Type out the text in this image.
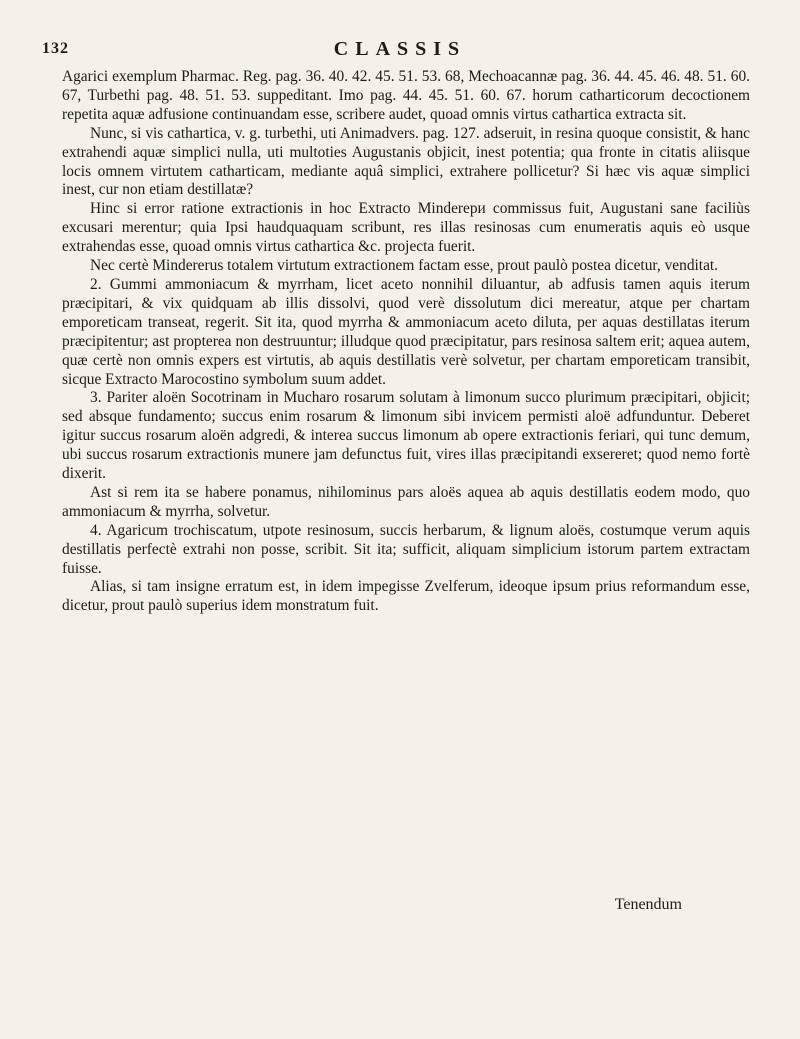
132	CLASSIS

Agarici exemplum Pharmac. Reg. pag. 36. 40. 42. 45. 51. 53. 68, Mechoacannæ pag. 36. 44. 45. 46. 48. 51. 60. 67, Turbethi pag. 48. 51. 53. suppeditant. Imo pag. 44. 45. 51. 60. 67. horum catharticorum decoctionem repetita aquæ adfusione continuandam esse, scribere audet, quoad omnis virtus cathartica extracta sit.

Nunc, si vis cathartica, v. g. turbethi, uti Animadvers. pag. 127. adseruit, in resina quoque consistit, & hanc extrahendi aquæ simplici nulla, uti multoties Augustanis objicit, inest potentia; qua fronte in citatis aliisque locis omnem virtutem catharticam, mediante aquâ simplici, extrahere pollicetur? Si hæc vis aquæ simplici inest, cur non etiam destillatæ?

Hinc si error ratione extractionis in hoc Extracto Minderери commissus fuit, Augustani sane faciliùs excusari merentur; quia Ipsi haudquaquam scribunt, res illas resinosas cum enumeratis aquis eò usque extrahendas esse, quoad omnis virtus cathartica &c. projecta fuerit.

Nec certè Mindererus totalem virtutum extractionem factam esse, prout paulò postea dicetur, venditat.

2. Gummi ammoniacum & myrrham, licet aceto nonnihil diluantur, ab adfusis tamen aquis iterum præcipitari, & vix quidquam ab illis dissolvi, quod verè dissolutum dici mereatur, atque per chartam emporeticam transeat, regerit. Sit ita, quod myrrha & ammoniacum aceto diluta, per aquas destillatas iterum præcipitentur; ast propterea non destruuntur; illudque quod præcipitatur, pars resinosa saltem erit; aquea autem, quæ certè non omnis expers est virtutis, ab aquis destillatis verè solvetur, per chartam emporeticam transibit, sicque Extracto Marocostino symbolum suum addet.

3. Pariter aloën Socotrinam in Mucharo rosarum solutam à limonum succo plurimum præcipitari, objicit; sed absque fundamento; succus enim rosarum & limonum sibi invicem permisti aloë adfunduntur. Deberet igitur succus rosarum aloën adgredi, & interea succus limonum ab opere extractionis feriari, qui tunc demum, ubi succus rosarum extractionis munere jam defunctus fuit, vires illas præcipitandi exsereret; quod nemo fortè dixerit.

Ast si rem ita se habere ponamus, nihilominus pars aloës aquea ab aquis destillatis eodem modo, quo ammoniacum & myrrha, solvetur.

4. Agaricum trochiscatum, utpote resinosum, succis herbarum, & lignum aloës, costumque verum aquis destillatis perfectè extrahi non posse, scribit. Sit ita; sufficit, aliquam simplicium istorum partem extractam fuisse.

Alias, si tam insigne erratum est, in idem impegisse Zvelferum, ideoque ipsum prius reformandum esse, dicetur, prout paulò superius idem monstratum fuit.

Tenendum
